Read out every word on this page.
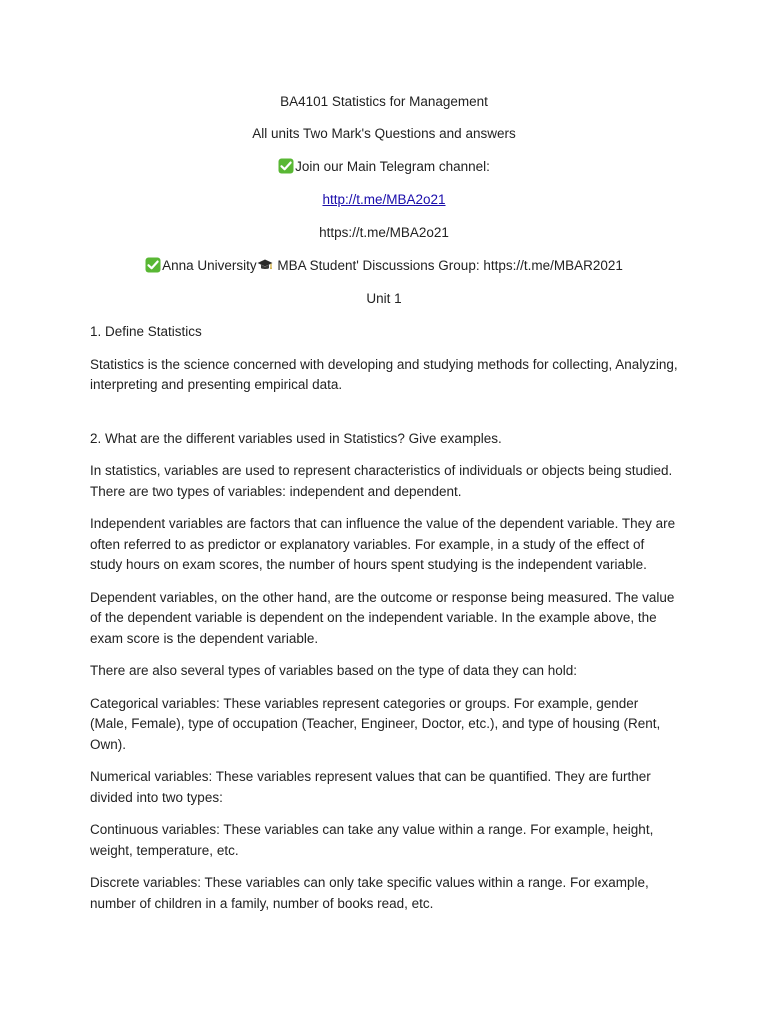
BA4101 Statistics for Management

All units Two Mark's Questions and answers

Join our Main Telegram channel:

http://t.me/MBA2o21

https://t.me/MBA2o21

Anna University MBA Student' Discussions Group: https://t.me/MBAR2021

Unit 1

1. Define Statistics

Statistics is the science concerned with developing and studying methods for collecting, Analyzing, interpreting and presenting empirical data.

2. What are the different variables used in Statistics? Give examples.

In statistics, variables are used to represent characteristics of individuals or objects being studied. There are two types of variables: independent and dependent.

Independent variables are factors that can influence the value of the dependent variable. They are often referred to as predictor or explanatory variables. For example, in a study of the effect of study hours on exam scores, the number of hours spent studying is the independent variable.

Dependent variables, on the other hand, are the outcome or response being measured. The value of the dependent variable is dependent on the independent variable. In the example above, the exam score is the dependent variable.

There are also several types of variables based on the type of data they can hold:

Categorical variables: These variables represent categories or groups. For example, gender (Male, Female), type of occupation (Teacher, Engineer, Doctor, etc.), and type of housing (Rent, Own).

Numerical variables: These variables represent values that can be quantified. They are further divided into two types:

Continuous variables: These variables can take any value within a range. For example, height, weight, temperature, etc.

Discrete variables: These variables can only take specific values within a range. For example, number of children in a family, number of books read, etc.
